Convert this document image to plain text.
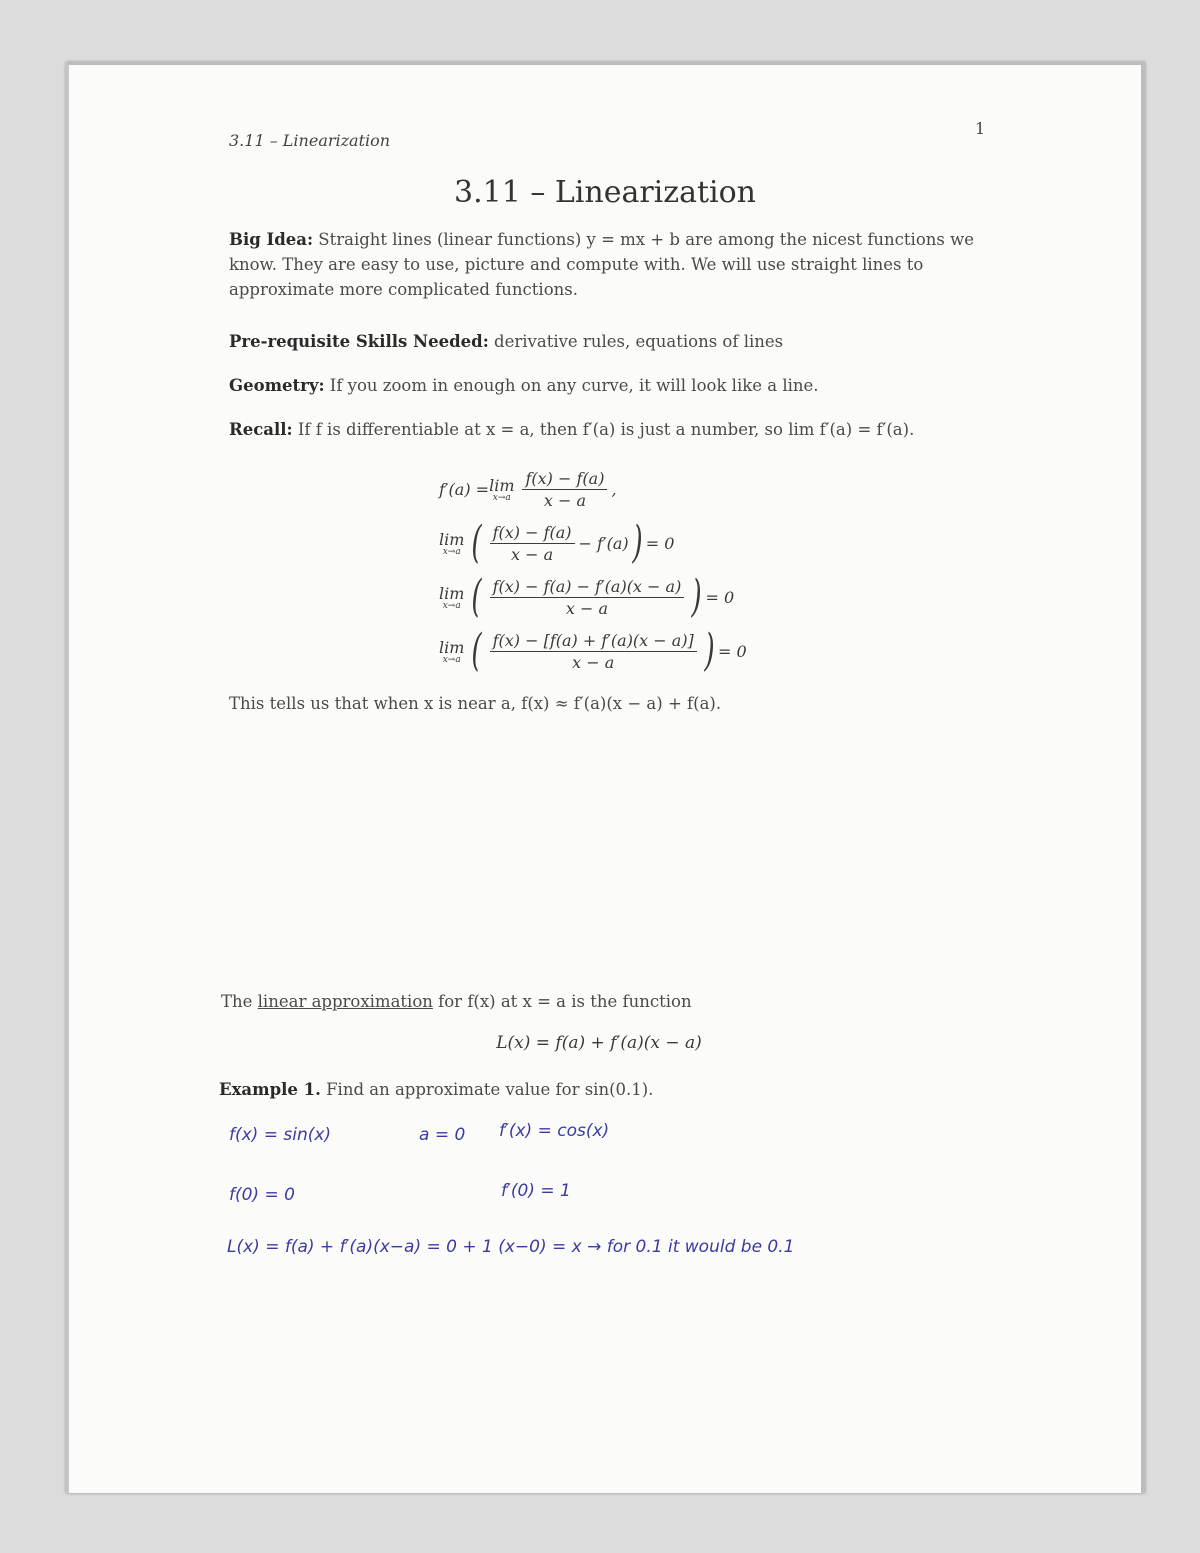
3.11 – Linearization
1
3.11 – Linearization
Big Idea: Straight lines (linear functions) y = mx + b are among the nicest functions we know. They are easy to use, picture and compute with. We will use straight lines to approximate more complicated functions.
Pre-requisite Skills Needed: derivative rules, equations of lines
Geometry: If you zoom in enough on any curve, it will look like a line.
Recall: If f is differentiable at x = a, then f′(a) is just a number, so lim f′(a) = f′(a).
f′(a) = lim
$x\to a \frac{f(x) - f(a)}{x - a}$ ,
lim
x→a ( $\frac{f(x) - f(a)}{x - a} - f'(a)$ ) = 0
lim
x→a ( $\frac{f(x) - f(a) - f'(a)(x - a)}{x - a}$ ) = 0
lim
x→a ( $\frac{f(x) - [f(a) + f'(a)(x - a)]}{x - a}$ ) = 0
This tells us that when x is near a, f(x) ≈ f′(a)(x − a) + f(a).
The linear approximation for f(x) at x = a is the function
L(x) = f(a) + f′(a)(x − a)
Example 1. Find an approximate value for sin(0.1).
f(x) = sin(x)	a = 0 f′(x) = cos(x)
f(0) = 0	f′(0) = 1
L(x) = f(a) + f′(a)(x−a) = 0 + 1 (x−0) = x → for 0.1 it would be 0.1
